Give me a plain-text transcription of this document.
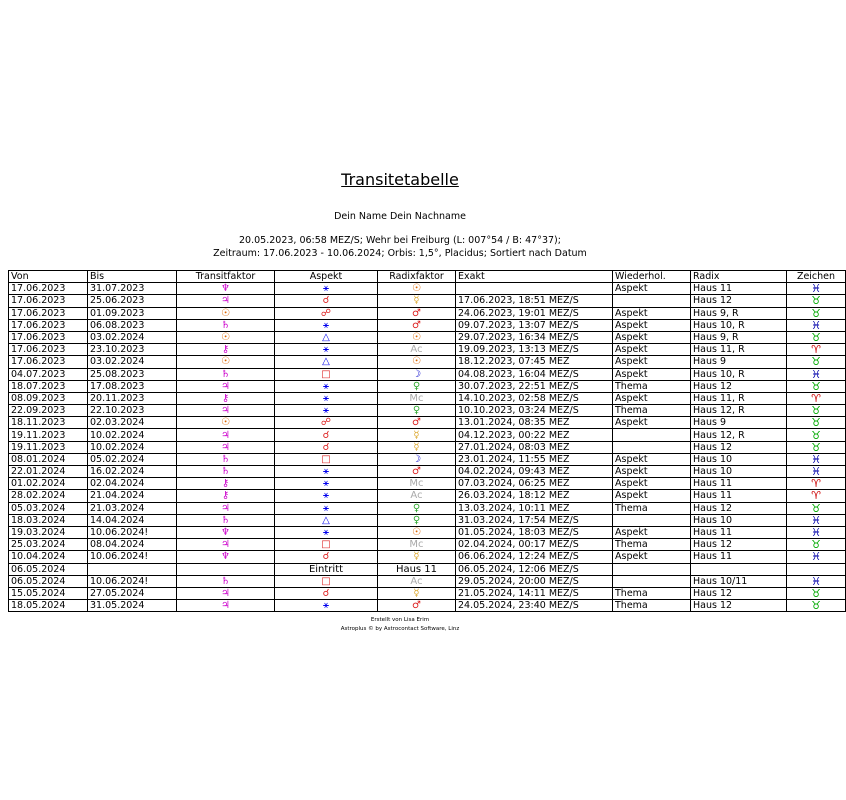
Transitetabelle
Dein Name Dein Nachname
20.05.2023, 06:58 MEZ/S; Wehr bei Freiburg (L: 007°54 / B: 47°37);
Zeitraum: 17.06.2023 - 10.06.2024; Orbis: 1,5°, Placidus; Sortiert nach Datum
Von	Bis	Transitfaktor	Aspekt	Radixfaktor	Exakt	Wiederhol.	Radix	Zeichen
17.06.2023	31.07.2023	♆	⚹	☉		Aspekt	Haus 11	♓
17.06.2023	25.06.2023	♃	☌	☿	17.06.2023, 18:51 MEZ/S		Haus 12	♉
17.06.2023	01.09.2023	☉	☍	♂	24.06.2023, 19:01 MEZ/S	Aspekt	Haus 9, R	♉
17.06.2023	06.08.2023	♄	⚹	♂	09.07.2023, 13:07 MEZ/S	Aspekt	Haus 10, R	♓
17.06.2023	03.02.2024	☉	△	☉	29.07.2023, 16:34 MEZ/S	Aspekt	Haus 9, R	♉
17.06.2023	23.10.2023	⚷	⚹	Ac	19.09.2023, 13:13 MEZ/S	Aspekt	Haus 11, R	♈
17.06.2023	03.02.2024	☉	△	☉	18.12.2023, 07:45 MEZ	Aspekt	Haus 9	♉
04.07.2023	25.08.2023	♄	□	☽	04.08.2023, 16:04 MEZ/S	Aspekt	Haus 10, R	♓
18.07.2023	17.08.2023	♃	⚹	♀	30.07.2023, 22:51 MEZ/S	Thema	Haus 12	♉
08.09.2023	20.11.2023	⚷	⚹	Mc	14.10.2023, 02:58 MEZ/S	Aspekt	Haus 11, R	♈
22.09.2023	22.10.2023	♃	⚹	♀	10.10.2023, 03:24 MEZ/S	Thema	Haus 12, R	♉
18.11.2023	02.03.2024	☉	☍	♂	13.01.2024, 08:35 MEZ	Aspekt	Haus 9	♉
19.11.2023	10.02.2024	♃	☌	☿	04.12.2023, 00:22 MEZ		Haus 12, R	♉
19.11.2023	10.02.2024	♃	☌	☿	27.01.2024, 08:03 MEZ		Haus 12	♉
08.01.2024	05.02.2024	♄	□	☽	23.01.2024, 11:55 MEZ	Aspekt	Haus 10	♓
22.01.2024	16.02.2024	♄	⚹	♂	04.02.2024, 09:43 MEZ	Aspekt	Haus 10	♓
01.02.2024	02.04.2024	⚷	⚹	Mc	07.03.2024, 06:25 MEZ	Aspekt	Haus 11	♈
28.02.2024	21.04.2024	⚷	⚹	Ac	26.03.2024, 18:12 MEZ	Aspekt	Haus 11	♈
05.03.2024	21.03.2024	♃	⚹	♀	13.03.2024, 10:11 MEZ	Thema	Haus 12	♉
18.03.2024	14.04.2024	♄	△	♀	31.03.2024, 17:54 MEZ/S		Haus 10	♓
19.03.2024	10.06.2024!	♆	⚹	☉	01.05.2024, 18:03 MEZ/S	Aspekt	Haus 11	♓
25.03.2024	08.04.2024	♃	□	Mc	02.04.2024, 00:17 MEZ/S	Thema	Haus 12	♉
10.04.2024	10.06.2024!	♆	☌	☿	06.06.2024, 12:24 MEZ/S	Aspekt	Haus 11	♓
06.05.2024			Eintritt	Haus 11	06.05.2024, 12:06 MEZ/S			
06.05.2024	10.06.2024!	♄	□	Ac	29.05.2024, 20:00 MEZ/S		Haus 10/11	♓
15.05.2024	27.05.2024	♃	☌	☿	21.05.2024, 14:11 MEZ/S	Thema	Haus 12	♉
18.05.2024	31.05.2024	♃	⚹	♂	24.05.2024, 23:40 MEZ/S	Thema	Haus 12	♉
Erstellt von Lisa Erim
Astroplus © by Astrocontact Software, Linz
